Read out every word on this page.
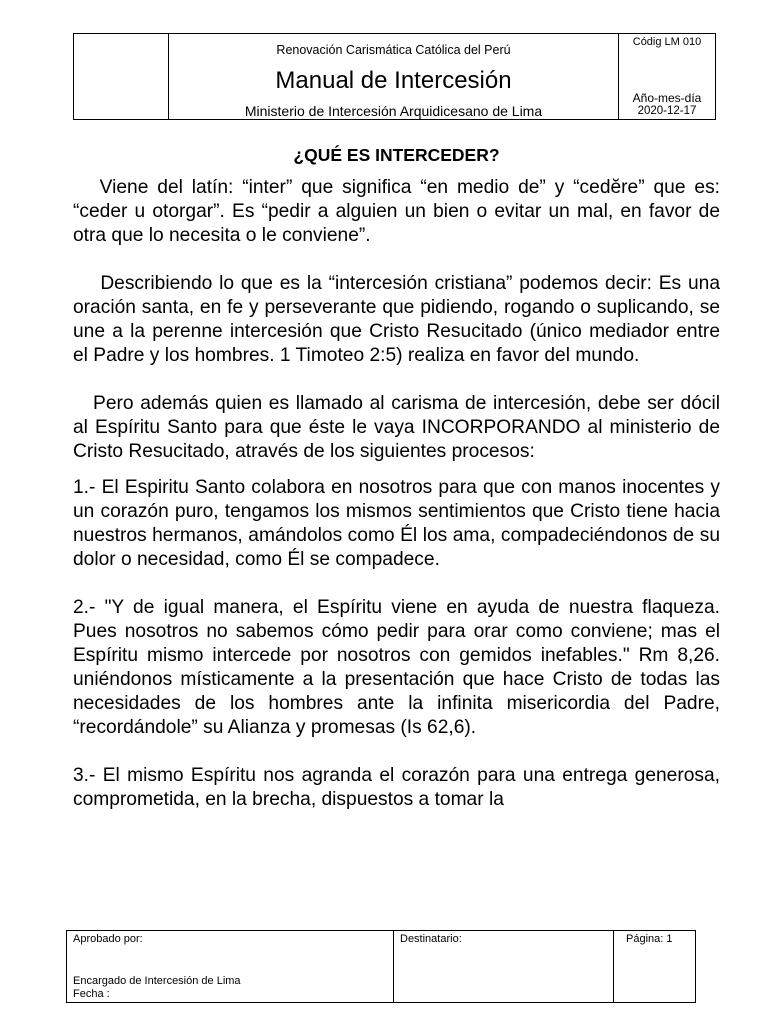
Renovación Carismática Católica del Perú
Manual de Intercesión
Ministerio de Intercesión Arquidicesano de Lima
Códig LM 010
Año-mes-día
2020-12-17
¿QUÉ ES INTERCEDER?

Viene del latín: “inter” que significa “en medio de” y “cedĕre” que es: “ceder u otorgar”. Es “pedir a alguien un bien o evitar un mal, en favor de otra que lo necesita o le conviene”.

Describiendo lo que es la “intercesión cristiana” podemos decir: Es una oración santa, en fe y perseverante que pidiendo, rogando o suplicando, se une a la perenne intercesión que Cristo Resucitado (único mediador entre el Padre y los hombres. 1 Timoteo 2:5) realiza en favor del mundo.

Pero además quien es llamado al carisma de intercesión, debe ser dócil al Espíritu Santo para que éste le vaya INCORPORANDO al ministerio de Cristo Resucitado, através de los siguientes procesos:

1.- El Espiritu Santo colabora en nosotros para que con manos inocentes y un corazón puro, tengamos los mismos sentimientos que Cristo tiene hacia nuestros hermanos, amándolos como Él los ama, compadeciéndonos de su dolor o necesidad, como Él se compadece.

2.- "Y de igual manera, el Espíritu viene en ayuda de nuestra flaqueza. Pues nosotros no sabemos cómo pedir para orar como conviene; mas el Espíritu mismo intercede por nosotros con gemidos inefables." Rm 8,26. uniéndonos místicamente a la presentación que hace Cristo de todas las necesidades de los hombres ante la infinita misericordia del Padre, “recordándole” su Alianza y promesas (Is 62,6).

3.- El mismo Espíritu nos agranda el corazón para una entrega generosa, comprometida, en la brecha, dispuestos a tomar la

Aprobado por:
Encargado de Intercesión de Lima
Fecha :
Destinatario:	Página: 1
